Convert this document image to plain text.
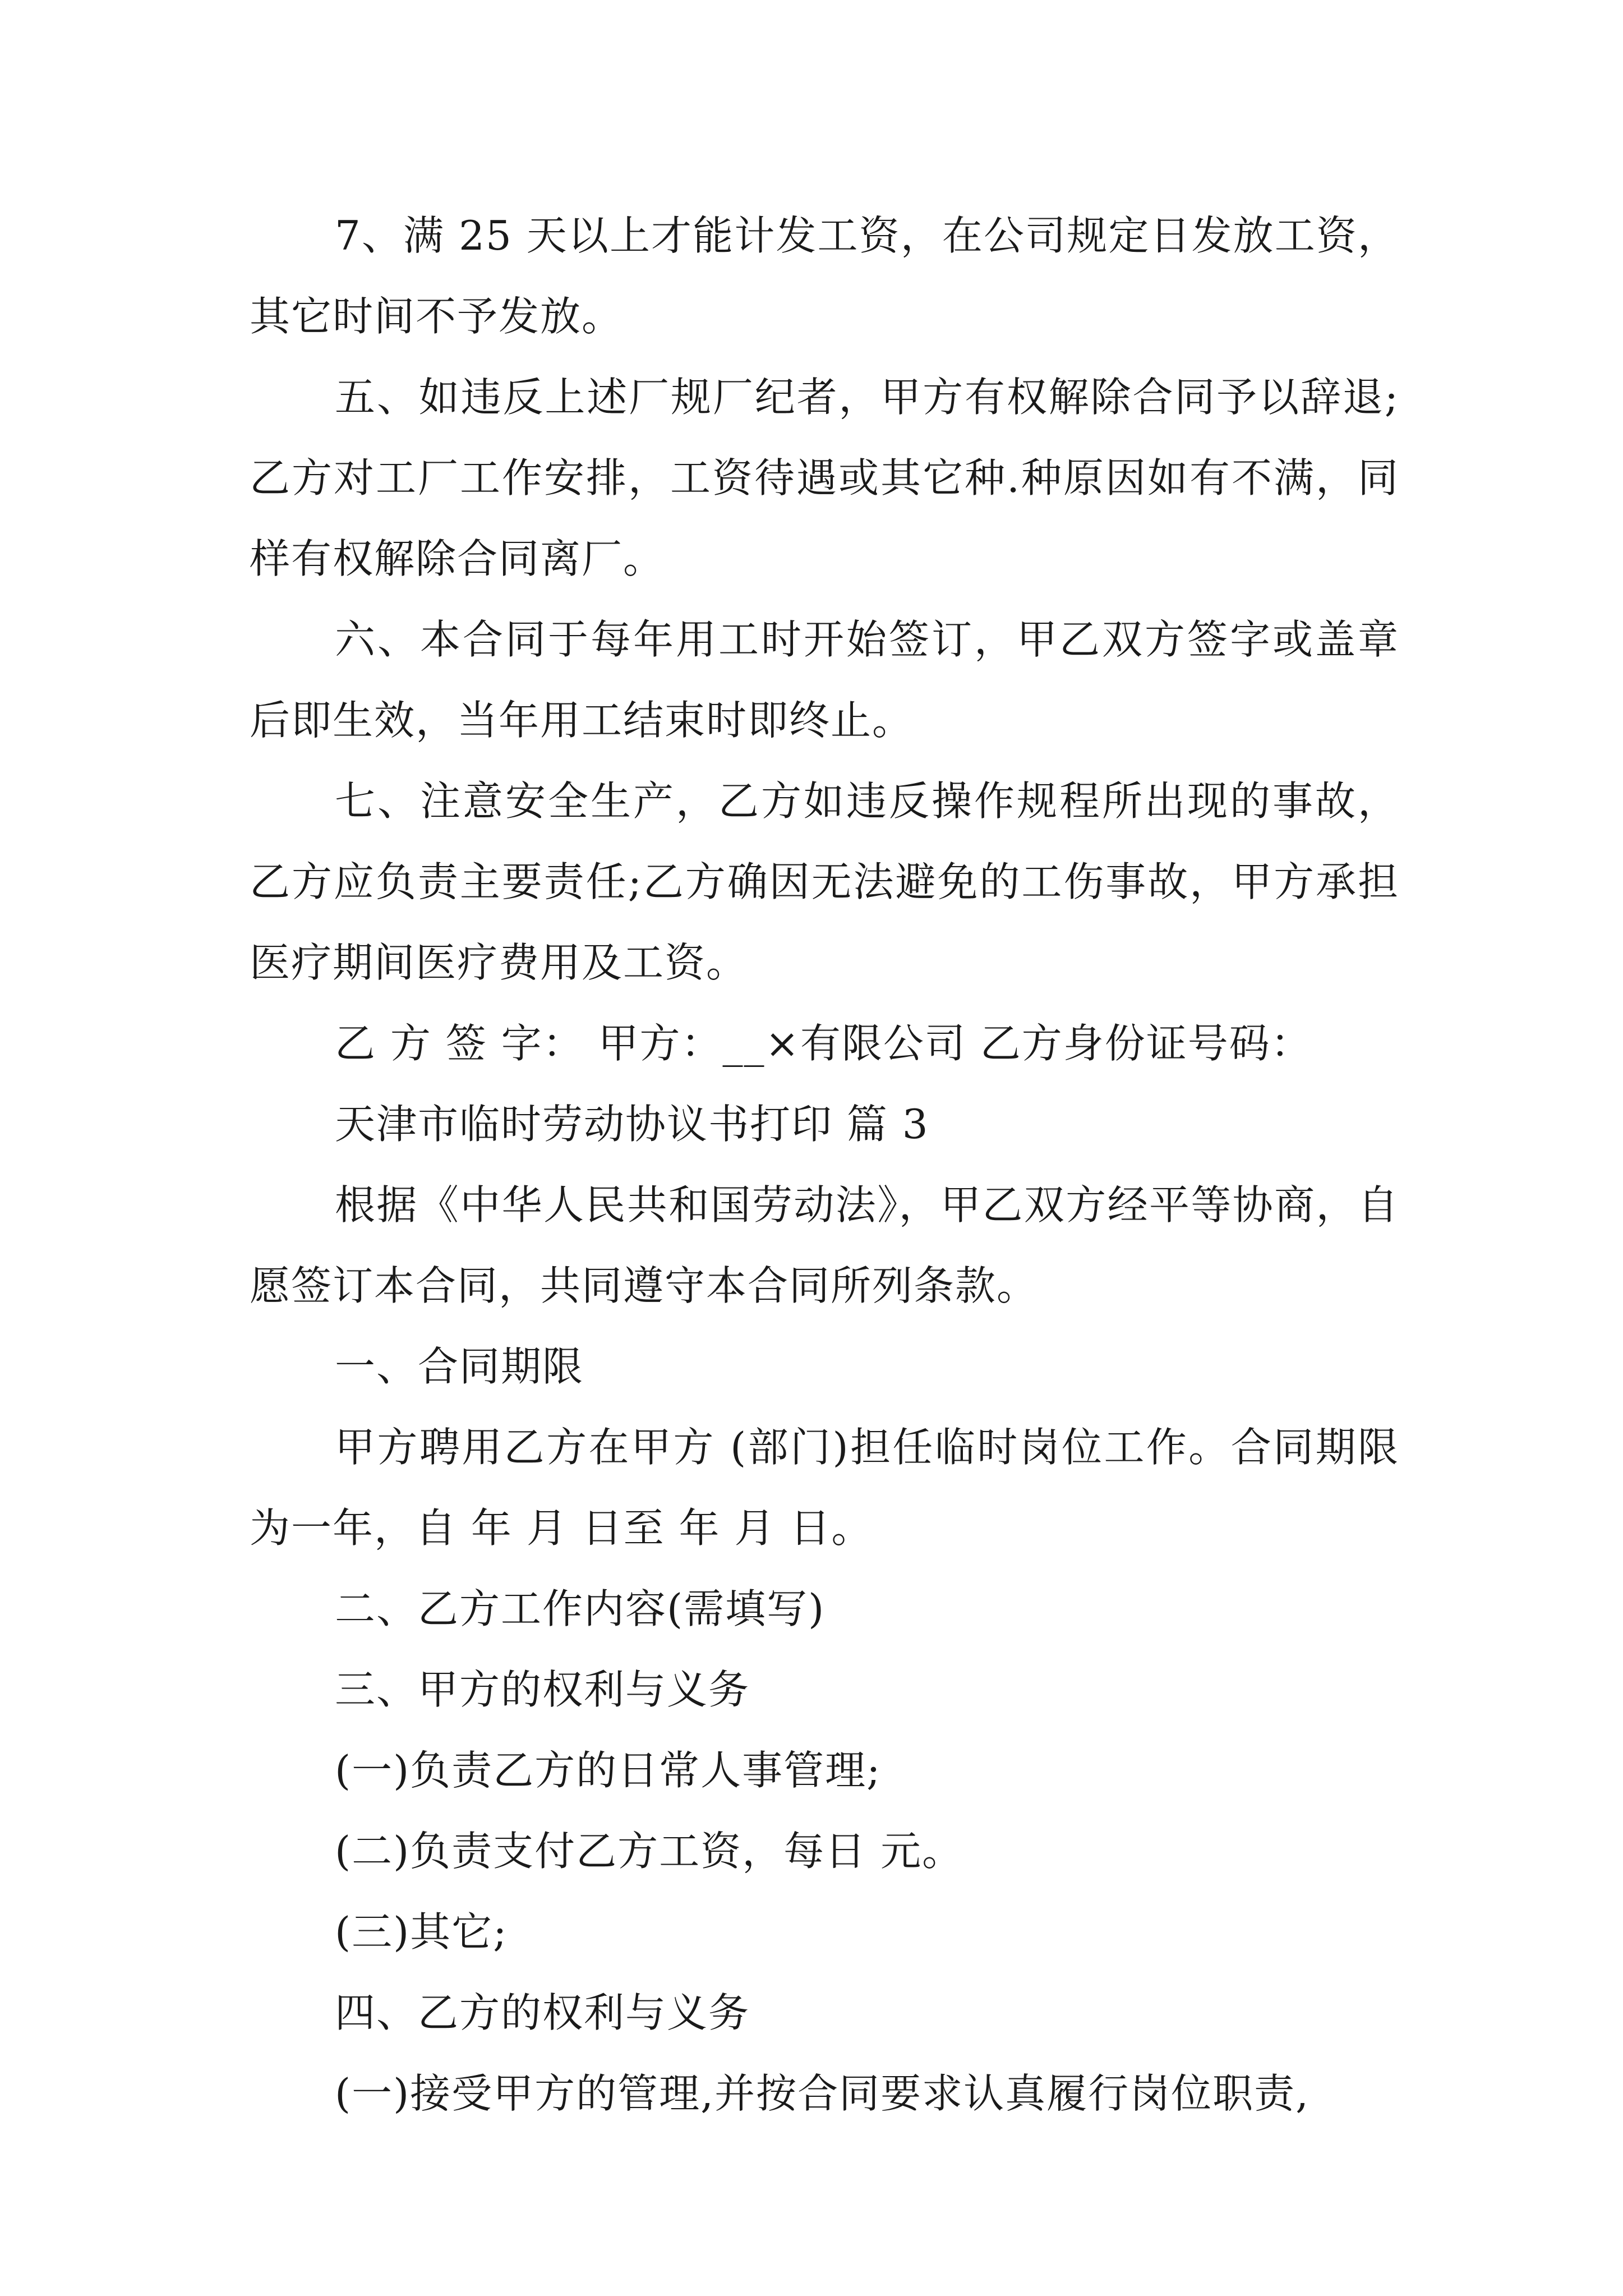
7、满 25 天以上才能计发工资，在公司规定日发放工资，其它时间不予发放。

五、如违反上述厂规厂纪者，甲方有权解除合同予以辞退;乙方对工厂工作安排，工资待遇或其它种.种原因如有不满，同样有权解除合同离厂。

六、本合同于每年用工时开始签订，甲乙双方签字或盖章后即生效，当年用工结束时即终止。

七、注意安全生产，乙方如违反操作规程所出现的事故，乙方应负责主要责任;乙方确因无法避免的工伤事故，甲方承担医疗期间医疗费用及工资。

乙 方 签 字： 甲方：__×有限公司 乙方身份证号码：

天津市临时劳动协议书打印 篇 3

根据《中华人民共和国劳动法》，甲乙双方经平等协商，自愿签订本合同，共同遵守本合同所列条款。

一、合同期限

甲方聘用乙方在甲方 (部门)担任临时岗位工作。合同期限为一年，自 年 月 日至 年 月 日。

二、乙方工作内容(需填写)

三、甲方的权利与义务

(一)负责乙方的日常人事管理;

(二)负责支付乙方工资，每日 元。

(三)其它;

四、乙方的权利与义务

(一)接受甲方的管理,并按合同要求认真履行岗位职责,
